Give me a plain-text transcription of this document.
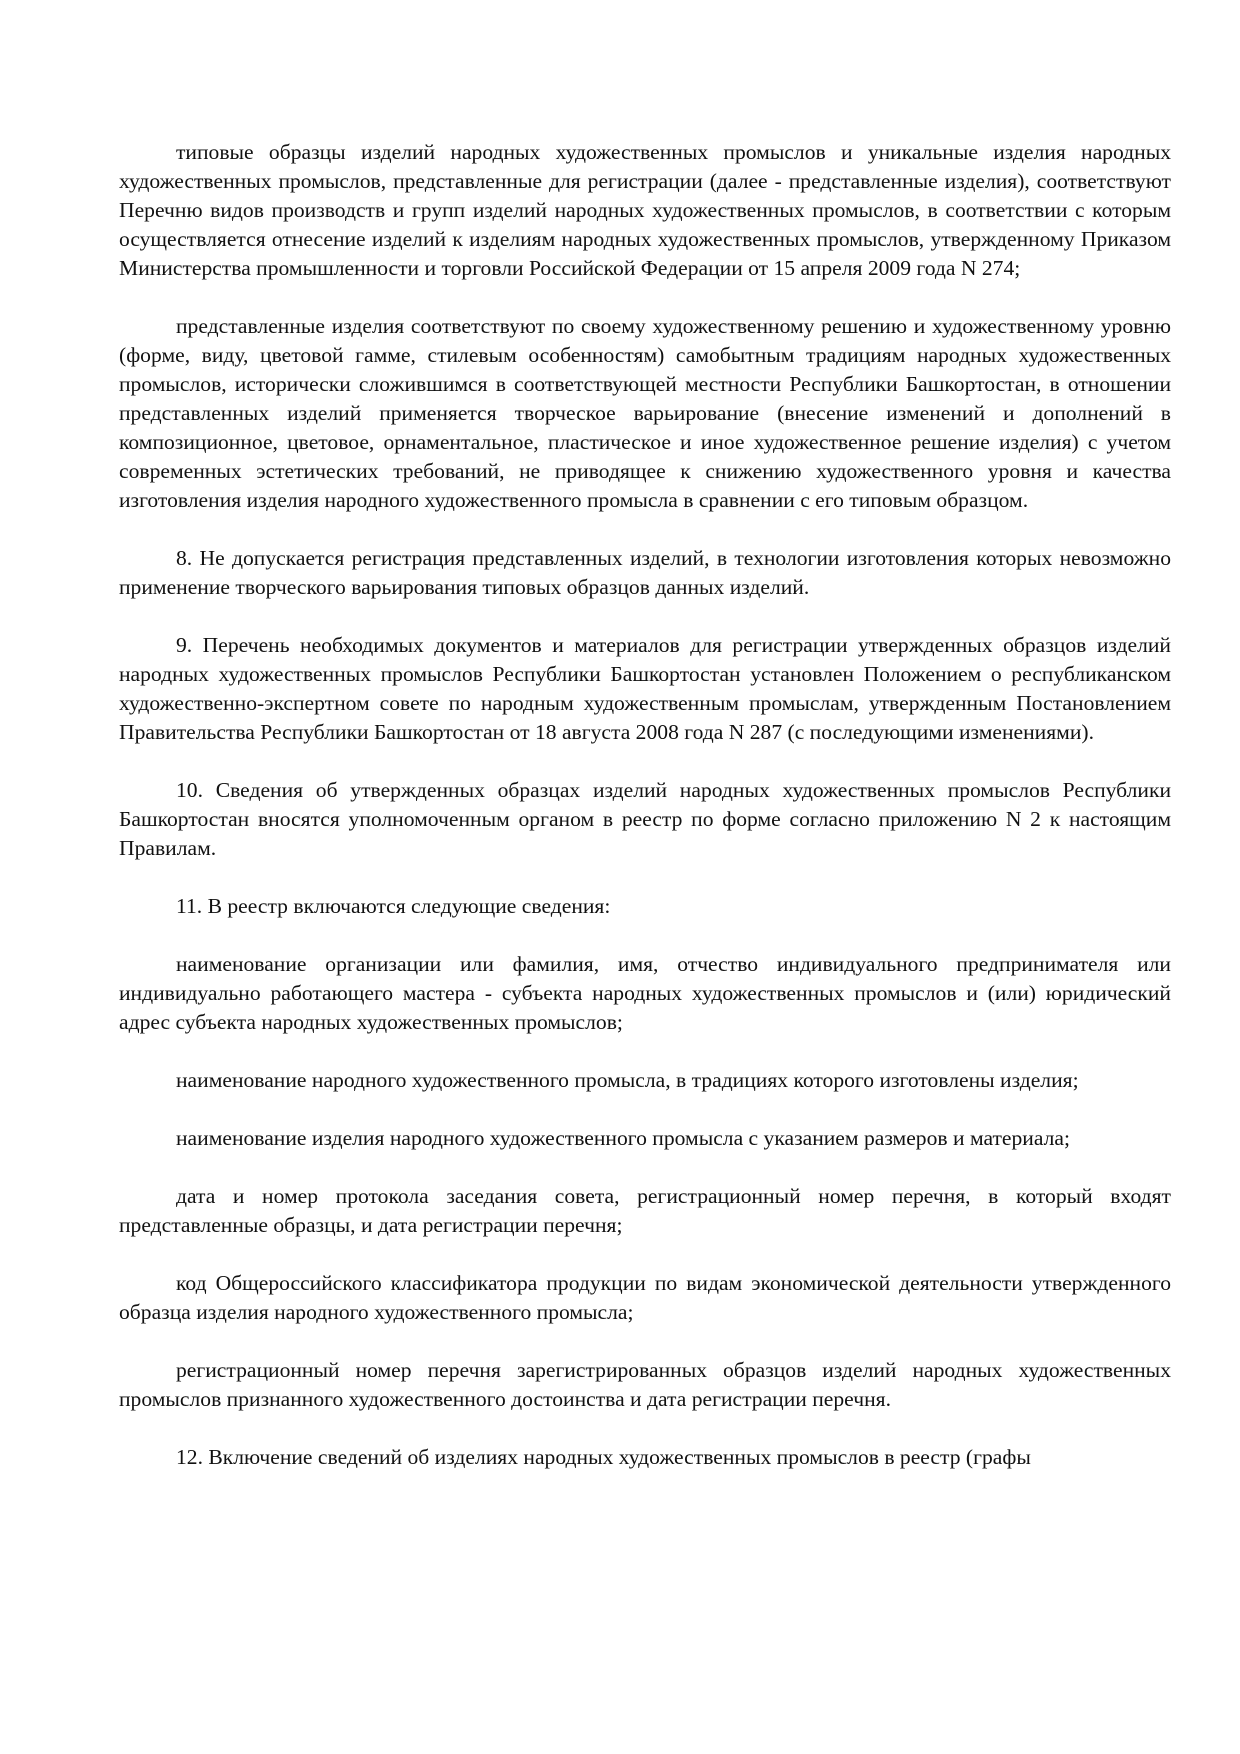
типовые образцы изделий народных художественных промыслов и уникальные изделия народных художественных промыслов, представленные для регистрации (далее - представленные изделия), соответствуют Перечню видов производств и групп изделий народных художественных промыслов, в соответствии с которым осуществляется отнесение изделий к изделиям народных художественных промыслов, утвержденному Приказом Министерства промышленности и торговли Российской Федерации от 15 апреля 2009 года N 274;

представленные изделия соответствуют по своему художественному решению и художественному уровню (форме, виду, цветовой гамме, стилевым особенностям) самобытным традициям народных художественных промыслов, исторически сложившимся в соответствующей местности Республики Башкортостан, в отношении представленных изделий применяется творческое варьирование (внесение изменений и дополнений в композиционное, цветовое, орнаментальное, пластическое и иное художественное решение изделия) с учетом современных эстетических требований, не приводящее к снижению художественного уровня и качества изготовления изделия народного художественного промысла в сравнении с его типовым образцом.

8. Не допускается регистрация представленных изделий, в технологии изготовления которых невозможно применение творческого варьирования типовых образцов данных изделий.

9. Перечень необходимых документов и материалов для регистрации утвержденных образцов изделий народных художественных промыслов Республики Башкортостан установлен Положением о республиканском художественно-экспертном совете по народным художественным промыслам, утвержденным Постановлением Правительства Республики Башкортостан от 18 августа 2008 года N 287 (с последующими изменениями).

10. Сведения об утвержденных образцах изделий народных художественных промыслов Республики Башкортостан вносятся уполномоченным органом в реестр по форме согласно приложению N 2 к настоящим Правилам.

11. В реестр включаются следующие сведения:

наименование организации или фамилия, имя, отчество индивидуального предпринимателя или индивидуально работающего мастера - субъекта народных художественных промыслов и (или) юридический адрес субъекта народных художественных промыслов;

наименование народного художественного промысла, в традициях которого изготовлены изделия;

наименование изделия народного художественного промысла с указанием размеров и материала;

дата и номер протокола заседания совета, регистрационный номер перечня, в который входят представленные образцы, и дата регистрации перечня;

код Общероссийского классификатора продукции по видам экономической деятельности утвержденного образца изделия народного художественного промысла;

регистрационный номер перечня зарегистрированных образцов изделий народных художественных промыслов признанного художественного достоинства и дата регистрации перечня.

12. Включение сведений об изделиях народных художественных промыслов в реестр (графы
